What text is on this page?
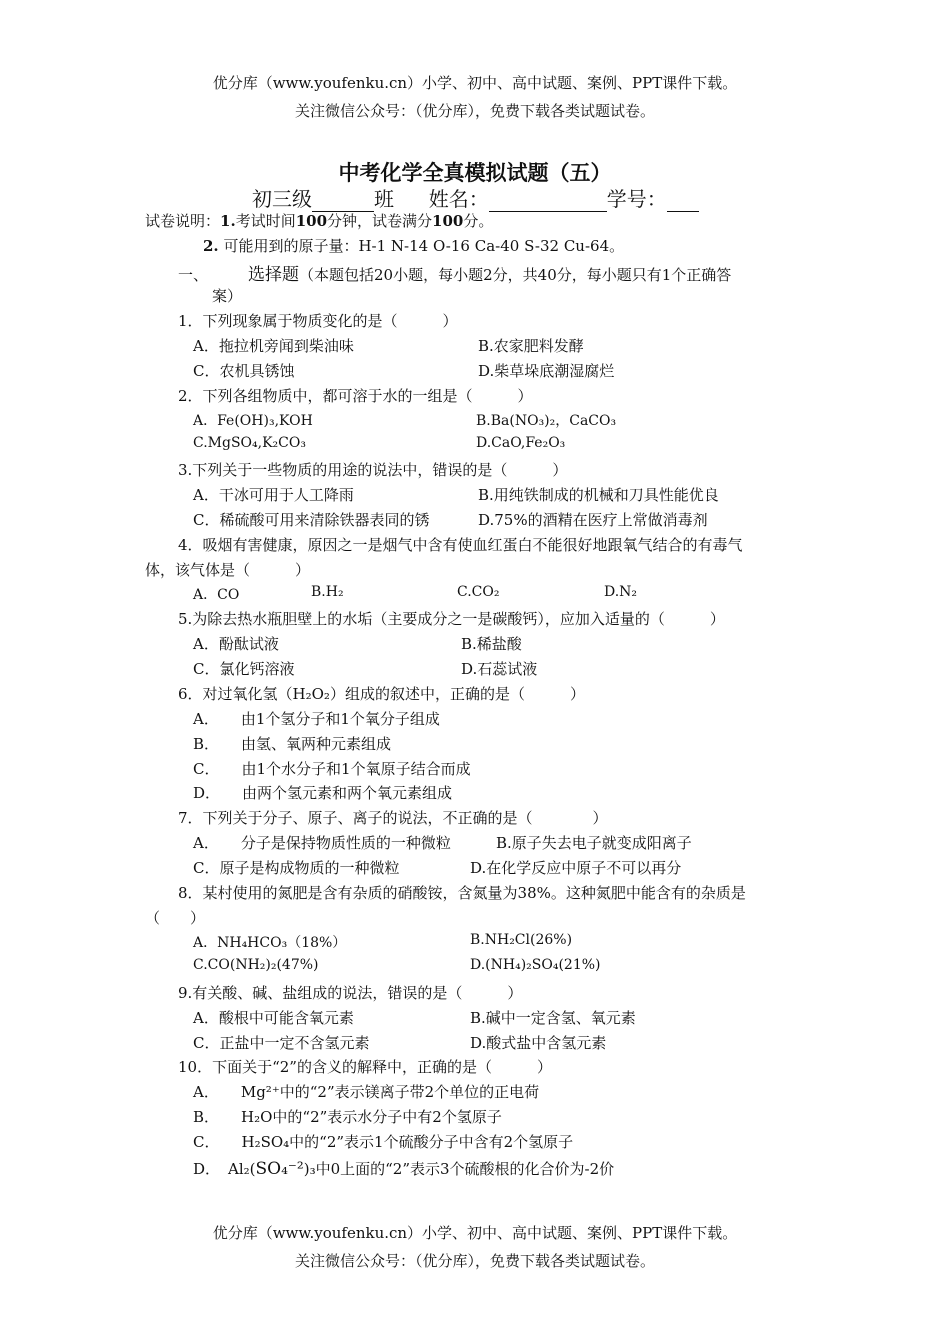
优分库（www.youfenku.cn）小学、初中、高中试题、案例、PPT课件下载。
关注微信公众号：（优分库），免费下载各类试题试卷。
中考化学全真模拟试题（五）
初三级	班 姓名：	学号：
试卷说明：1.考试时间100分钟，试卷满分100分。
2. 可能用到的原子量：H-1 N-14 O-16 Ca-40 S-32 Cu-64。
一、 选择题（本题包括20小题，每小题2分，共40分，每小题只有1个正确答
案）
1．下列现象属于物质变化的是（　　　）
A．拖拉机旁闻到柴油味	B.农家肥料发酵
C．农机具锈蚀	D.柴草垛底潮湿腐烂
2．下列各组物质中，都可溶于水的一组是（　　　）
A．Fe(OH)₃,KOH	B.Ba(NO₃)₂，CaCO₃
C.MgSO₄,K₂CO₃	D.CaO,Fe₂O₃
3.下列关于一些物质的用途的说法中，错误的是（　　　）
A．干冰可用于人工降雨	B.用纯铁制成的机械和刀具性能优良
C．稀硫酸可用来清除铁器表同的锈	D.75%的酒精在医疗上常做消毒剂
4．吸烟有害健康，原因之一是烟气中含有使血红蛋白不能很好地跟氧气结合的有毒气
体，该气体是（　　　）
A．CO	B.H₂	C.CO₂	D.N₂
5.为除去热水瓶胆壁上的水垢（主要成分之一是碳酸钙），应加入适量的（　　　）
A．酚酞试液	B.稀盐酸
C．氯化钙溶液	D.石蕊试液
6．对过氧化氢（H₂O₂）组成的叙述中，正确的是（　　　）
A． 由1个氢分子和1个氧分子组成
B． 由氢、氧两种元素组成
C． 由1个水分子和1个氧原子结合而成
D． 由两个氢元素和两个氧元素组成
7．下列关于分子、原子、离子的说法，不正确的是（　　　　）
A． 分子是保持物质性质的一种微粒	B.原子失去电子就变成阳离子
C．原子是构成物质的一种微粒	D.在化学反应中原子不可以再分
8．某村使用的氮肥是含有杂质的硝酸铵，含氮量为38%。这种氮肥中能含有的杂质是
（　　）
A．NH₄HCO₃（18%）	B.NH₂Cl(26%)
C.CO(NH₂)₂(47%)	D.(NH₄)₂SO₄(21%)
9.有关酸、碱、盐组成的说法，错误的是（　　　）
A．酸根中可能含氧元素	B.碱中一定含氢、氧元素
C．正盐中一定不含氢元素	D.酸式盐中含氢元素
10．下面关于“2”的含义的解释中，正确的是（　　　）
A． Mg²⁺中的“2”表示镁离子带2个单位的正电荷
B． H₂O中的“2”表示水分子中有2个氢原子
C． H₂SO₄中的“2”表示1个硫酸分子中含有2个氢原子
D． Al₂(SO₄⁻²)₃中0上面的“2”表示3个硫酸根的化合价为-2价
优分库（www.youfenku.cn）小学、初中、高中试题、案例、PPT课件下载。
关注微信公众号：（优分库），免费下载各类试题试卷。
